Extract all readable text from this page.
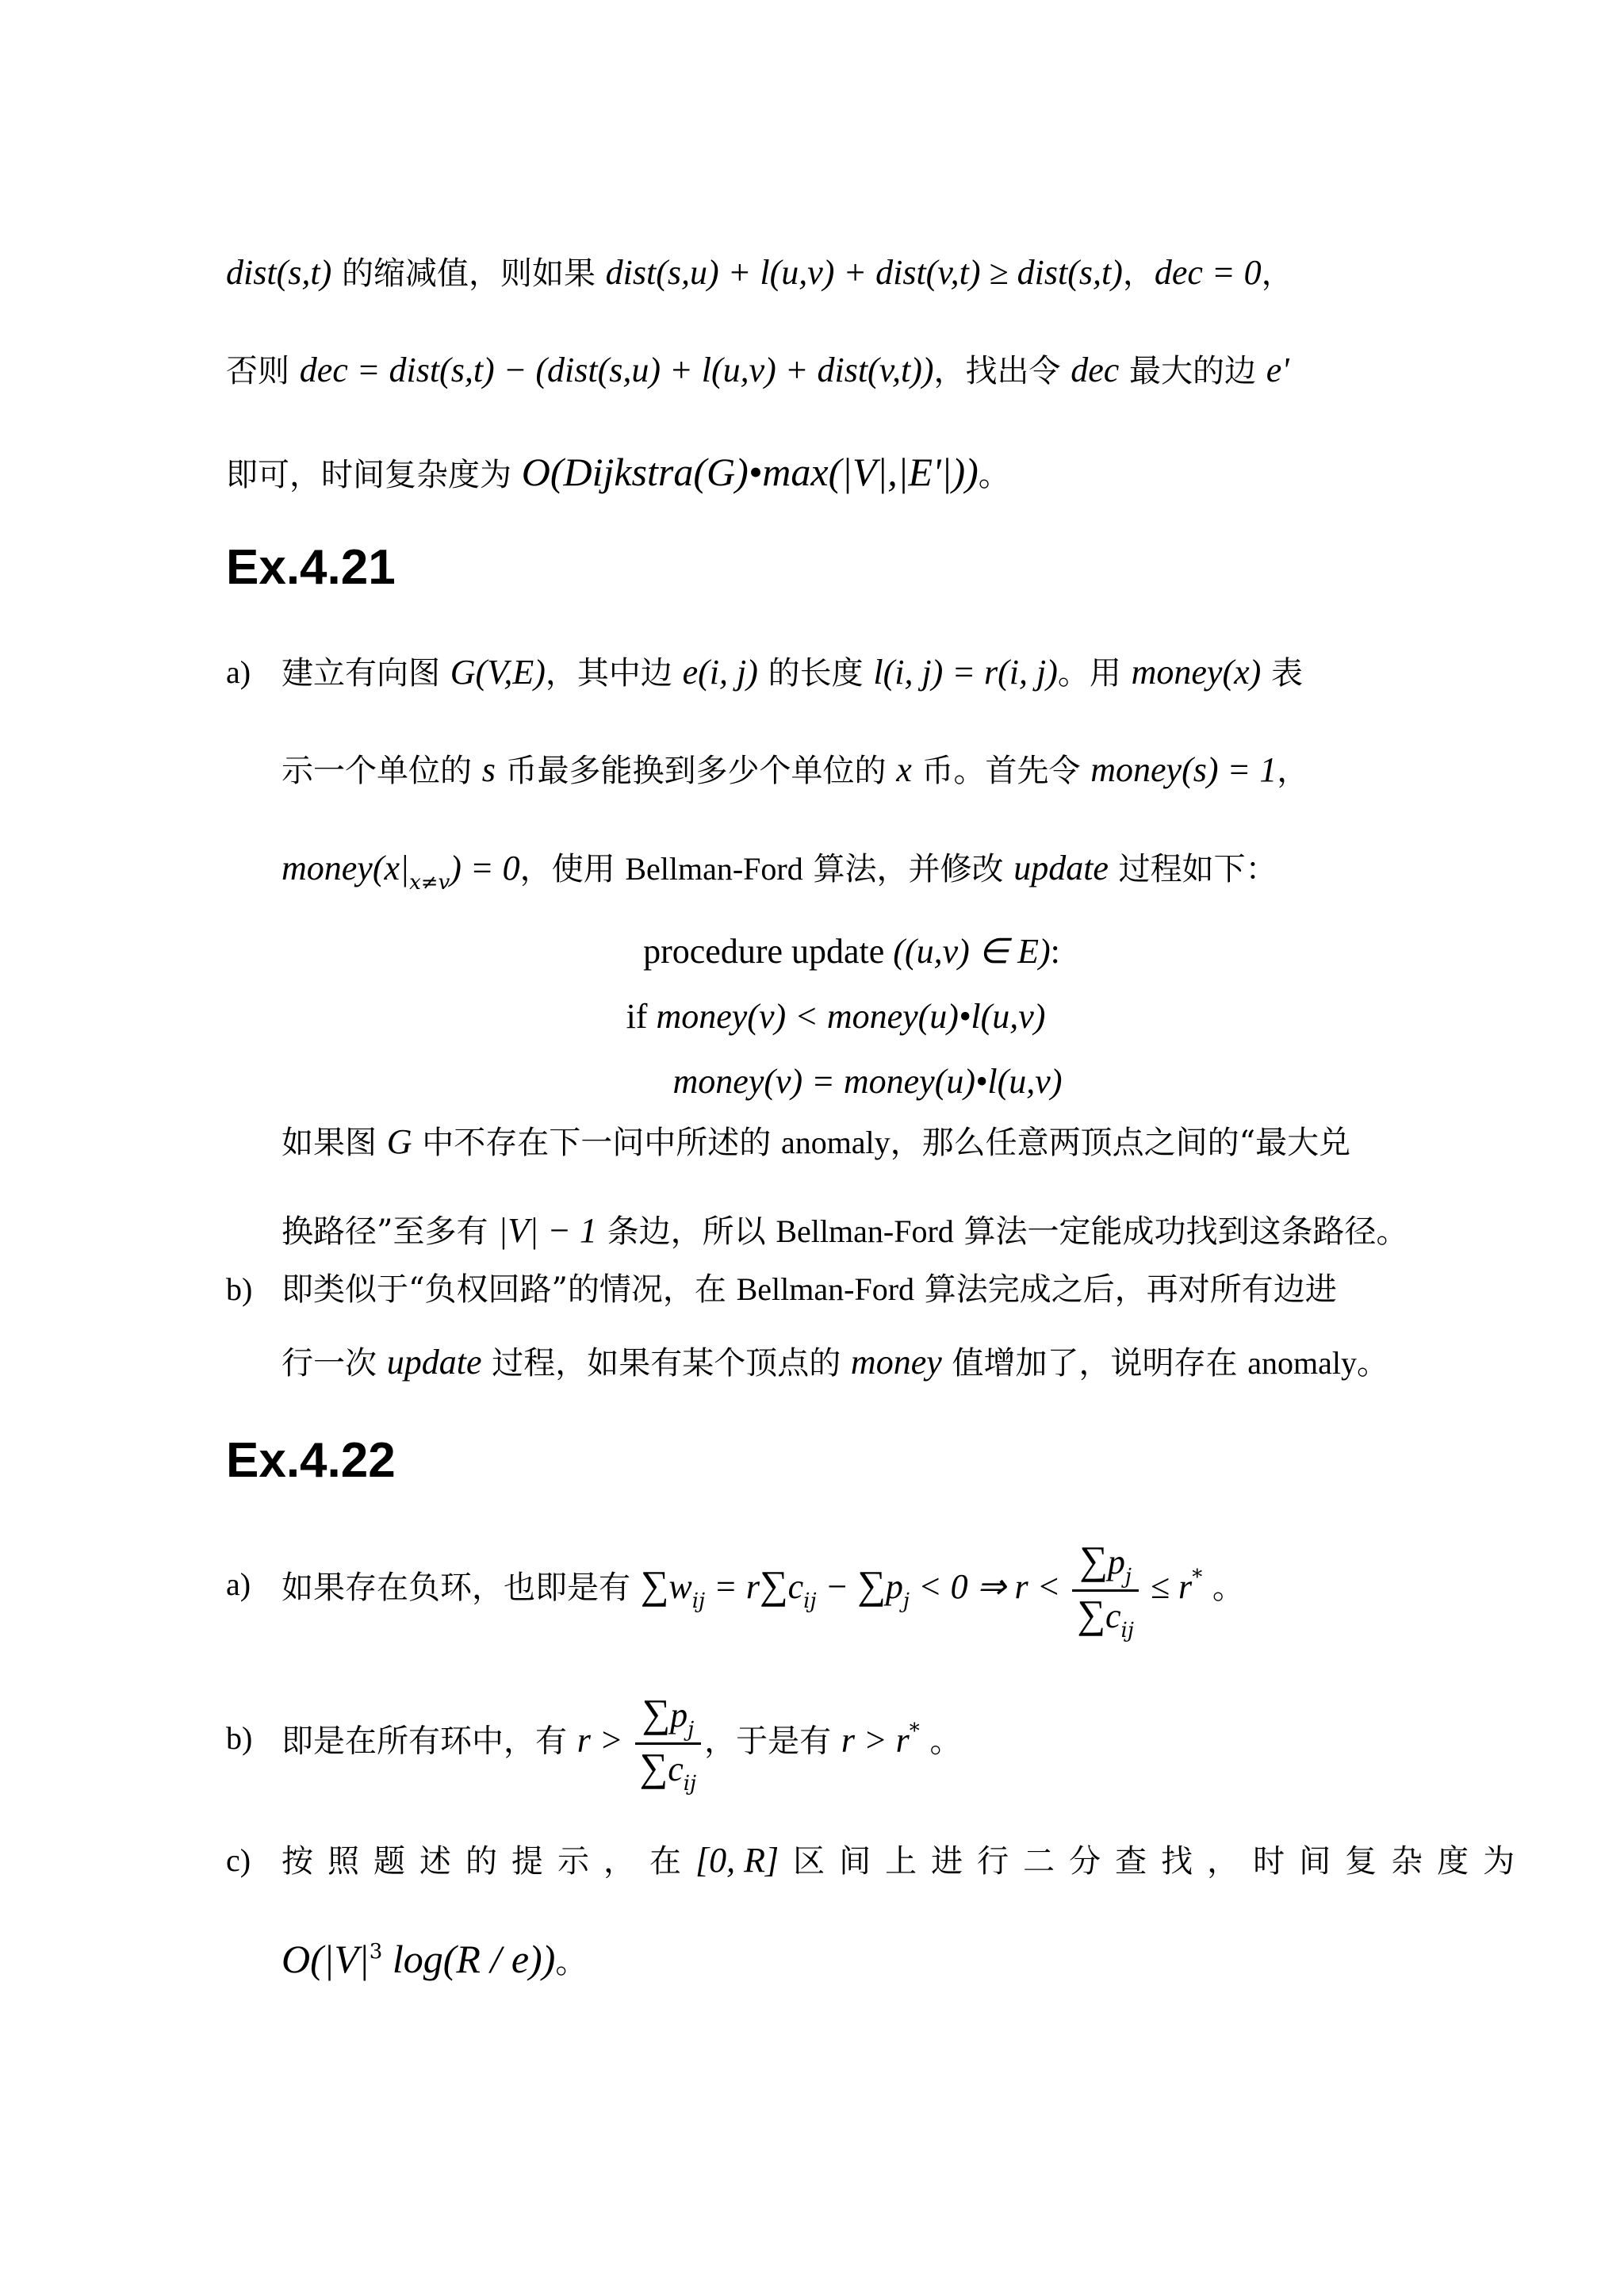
dist(s,t) 的缩减值，则如果 dist(s,u) + l(u,v) + dist(v,t) ≥ dist(s,t)，dec = 0，
否则 dec = dist(s,t) − (dist(s,u) + l(u,v) + dist(v,t))，找出令 dec 最大的边 e'
即可，时间复杂度为 O(Dijkstra(G)•max(|V|,|E'|))。
Ex.4.21
a) 建立有向图 G(V,E)，其中边 e(i, j) 的长度 l(i, j) = r(i, j)。用 money(x) 表
示一个单位的 s 币最多能换到多少个单位的 x 币。首先令 money(s) = 1，
$money(x|_{x\ne v}) = 0$，使用 Bellman-Ford 算法，并修改 update 过程如下：
procedure update ((u,v) ∈ E):
if money(v) < money(u)•l(u,v)
money(v) = money(u)•l(u,v)
如果图 G 中不存在下一问中所述的 anomaly，那么任意两顶点之间的“最大兑
换路径”至多有 |V| − 1 条边，所以 Bellman-Ford 算法一定能成功找到这条路径。
b) 即类似于“负权回路”的情况，在 Bellman-Ford 算法完成之后，再对所有边进
行一次 update 过程，如果有某个顶点的 money 值增加了，说明存在 anomaly。
Ex.4.22
a) 如果存在负环，也即是有 $\sum w_{ij} = r\sum c_{ij} - \sum p_j < 0$ ⇒ $r < \frac{\sum p_j}{\sum c_{ij}} \le r^*$ 。
b) 即是在所有环中，有 $r > \frac{\sum p_j}{\sum c_{ij}}$ ，于是有 r > r* 。
c) 按照题述的提示，在[0, R] 区间上进行二分查找，时间复杂度为
$O(|V|^3$ log(R / e))。
